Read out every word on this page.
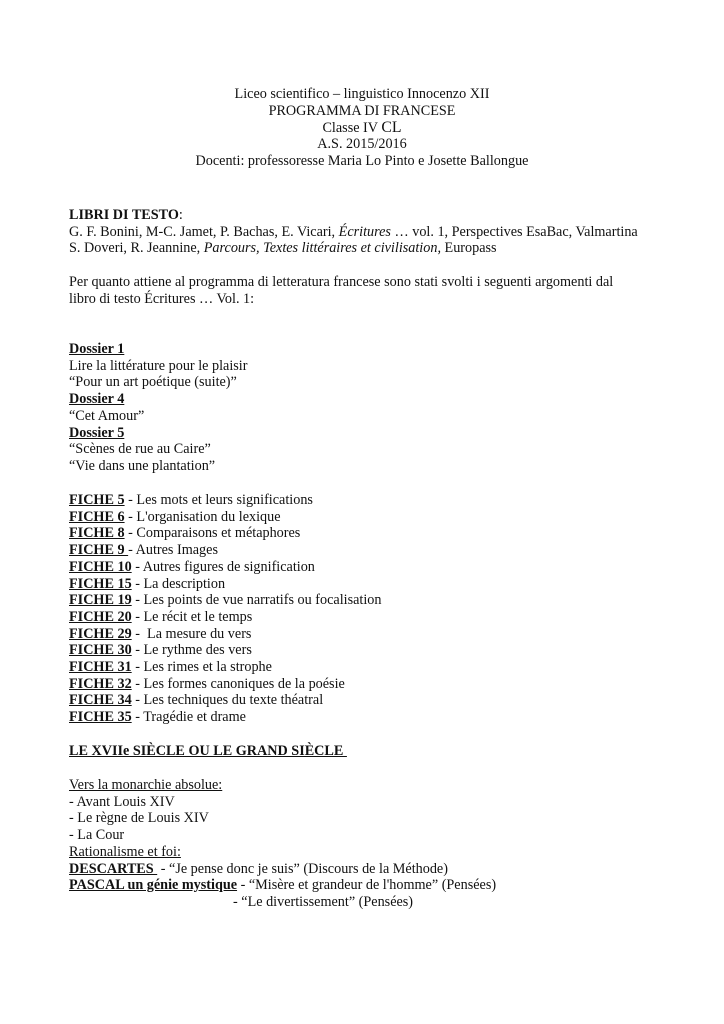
Liceo scientifico – linguistico Innocenzo XII
PROGRAMMA DI FRANCESE
Classe IV CL
A.S. 2015/2016
Docenti: professoresse Maria Lo Pinto e Josette Ballongue
LIBRI DI TESTO:
G. F. Bonini, M-C. Jamet, P. Bachas, E. Vicari, Écritures … vol. 1, Perspectives EsaBac, Valmartina
S. Doveri, R. Jeannine, Parcours, Textes littéraires et civilisation, Europass
Per quanto attiene al programma di letteratura francese sono stati svolti i seguenti argomenti dal
libro di testo Écritures … Vol. 1:
Dossier 1
Lire la littérature pour le plaisir
“Pour un art poétique (suite)”
Dossier 4
“Cet Amour”
Dossier 5
“Scènes de rue au Caire”
“Vie dans une plantation”
FICHE 5 - Les mots et leurs significations
FICHE 6 - L'organisation du lexique
FICHE 8 - Comparaisons et métaphores
FICHE 9 - Autres Images
FICHE 10 - Autres figures de signification
FICHE 15 - La description
FICHE 19 - Les points de vue narratifs ou focalisation
FICHE 20 - Le récit et le temps
FICHE 29 -  La mesure du vers
FICHE 30 - Le rythme des vers
FICHE 31 - Les rimes et la strophe
FICHE 32 - Les formes canoniques de la poésie
FICHE 34 - Les techniques du texte théatral
FICHE 35 - Tragédie et drame
LE XVIIe SIÈCLE OU LE GRAND SIÈCLE
Vers la monarchie absolue:
- Avant Louis XIV
- Le règne de Louis XIV
- La Cour
Rationalisme et foi:
DESCARTES  - “Je pense donc je suis” (Discours de la Méthode)
PASCAL un génie mystique - “Misère et grandeur de l'homme” (Pensées)
- “Le divertissement” (Pensées)
